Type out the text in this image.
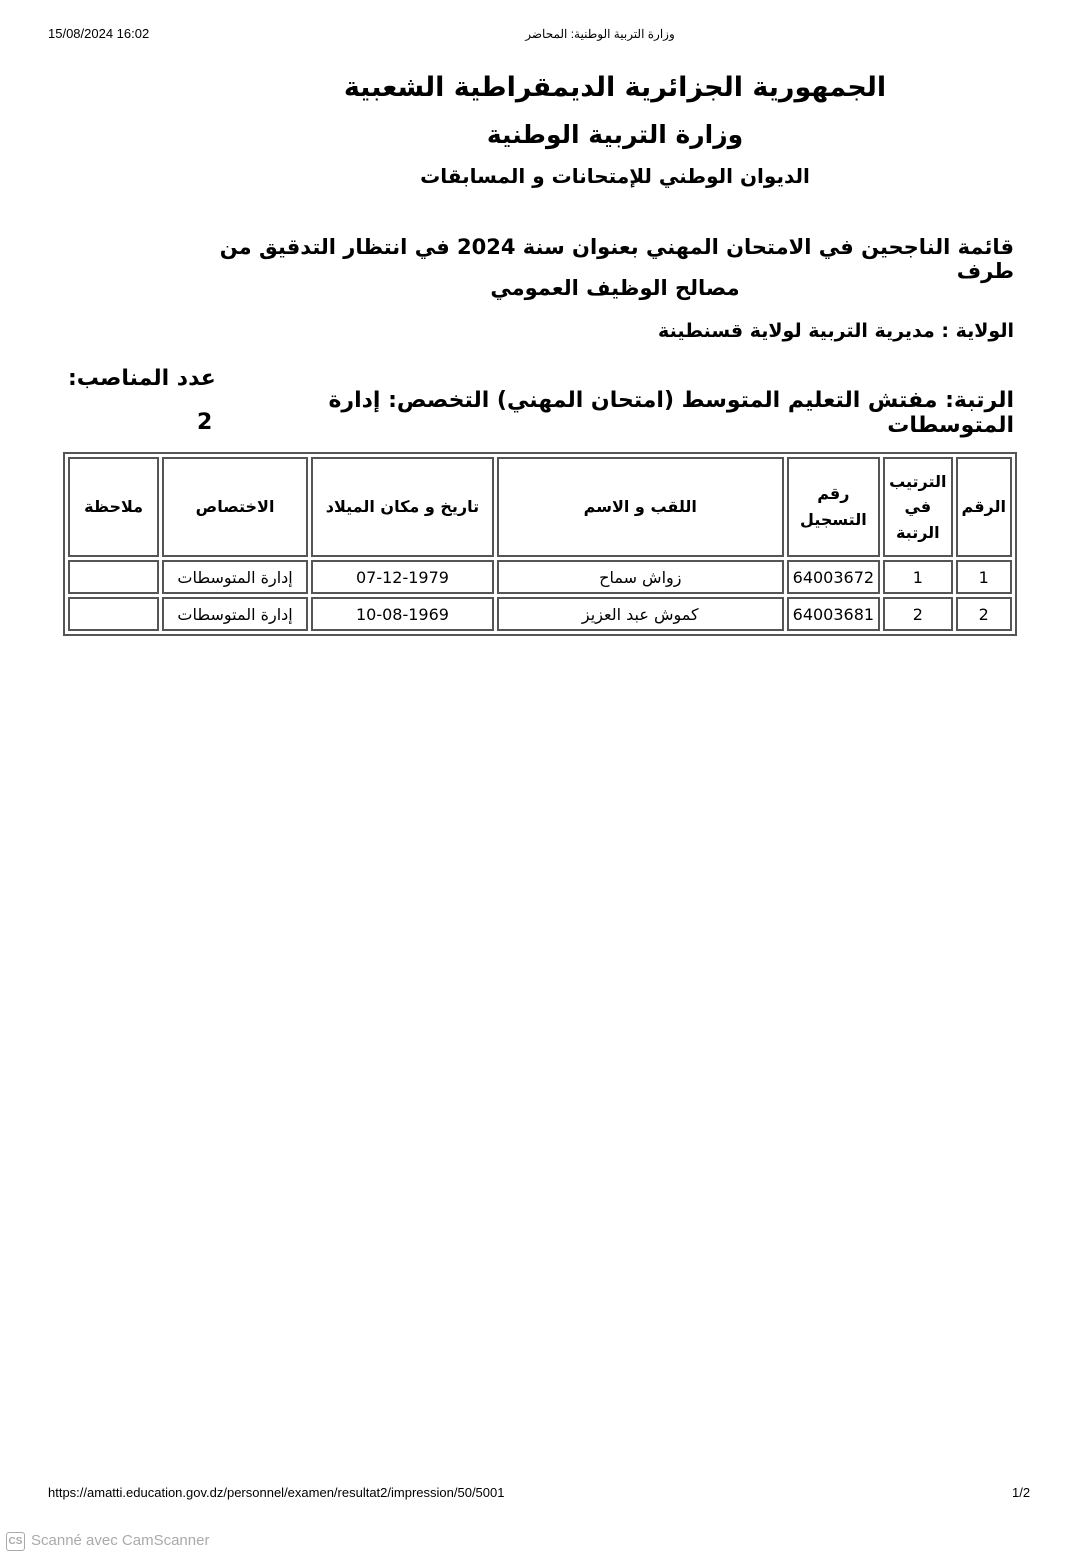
15/08/2024 16:02	وزارة التربية الوطنية: المحاضر
الجمهورية الجزائرية الديمقراطية الشعبية
وزارة التربية الوطنية
الديوان الوطني للإمتحانات و المسابقات
قائمة الناجحين في الامتحان المهني بعنوان سنة 2024 في انتظار التدقيق من طرف
مصالح الوظيف العمومي
الولاية : مديرية التربية لولاية قسنطينة
الرتبة: مفتش التعليم المتوسط (امتحان المهني) التخصص: إدارة المتوسطات
عدد المناصب:
2
الرقم	الترتيب في الرتبة	رقم التسجيل	اللقب و الاسم	تاريخ و مكان الميلاد	الاختصاص	ملاحظة
1	1	64003672	زواش سماح	07-12-1979	إدارة المتوسطات	
2	2	64003681	كموش عبد العزيز	10-08-1969	إدارة المتوسطات	
https://amatti.education.gov.dz/personnel/examen/resultat2/impression/50/5001	1/2
CS Scanné avec CamScanner
